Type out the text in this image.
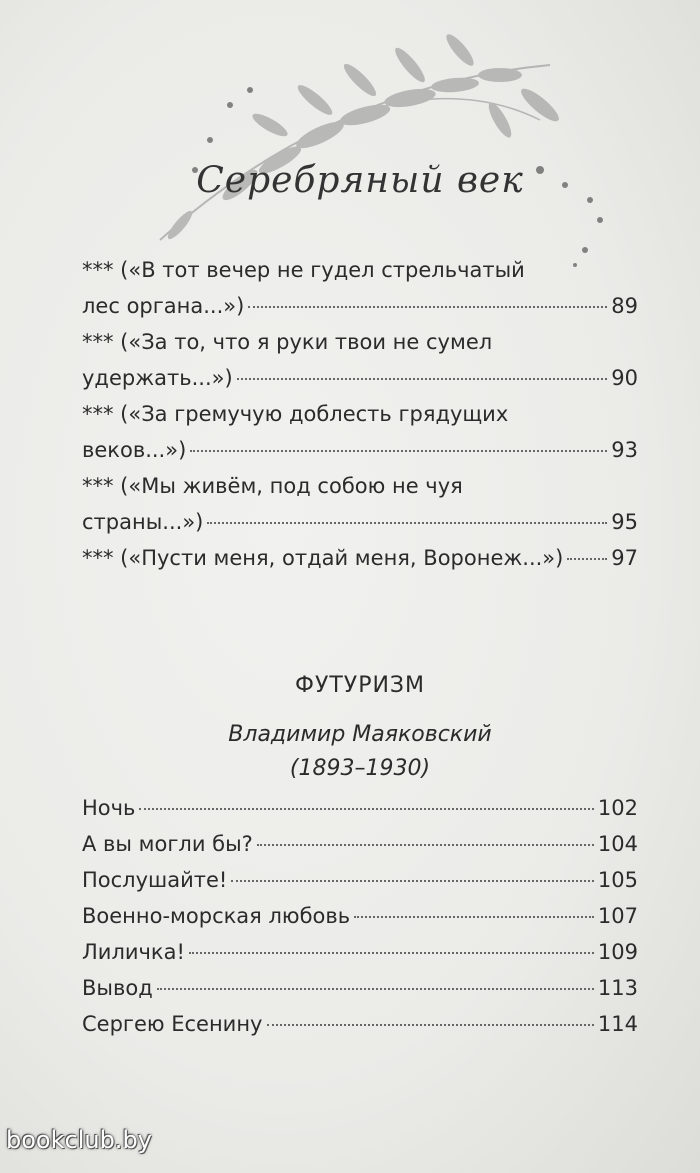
Серебряный век
*** («В тот вечер не гудел стрельчатый
лес органа...»)	89
*** («За то, что я руки твои не сумел
удержать...»)	90
*** («За гремучую доблесть грядущих
веков...»)	93
*** («Мы живём, под собою не чуя
страны...»)	95
*** («Пусти меня, отдай меня, Воронеж...») 97
ФУТУРИЗМ
Владимир Маяковский
(1893–1930)
Ночь	102
А вы могли бы?	104
Послушайте!	105
Военно-морская любовь	107
Лиличка!	109
Вывод	113
Сергею Есенину	114
bookclub.by
